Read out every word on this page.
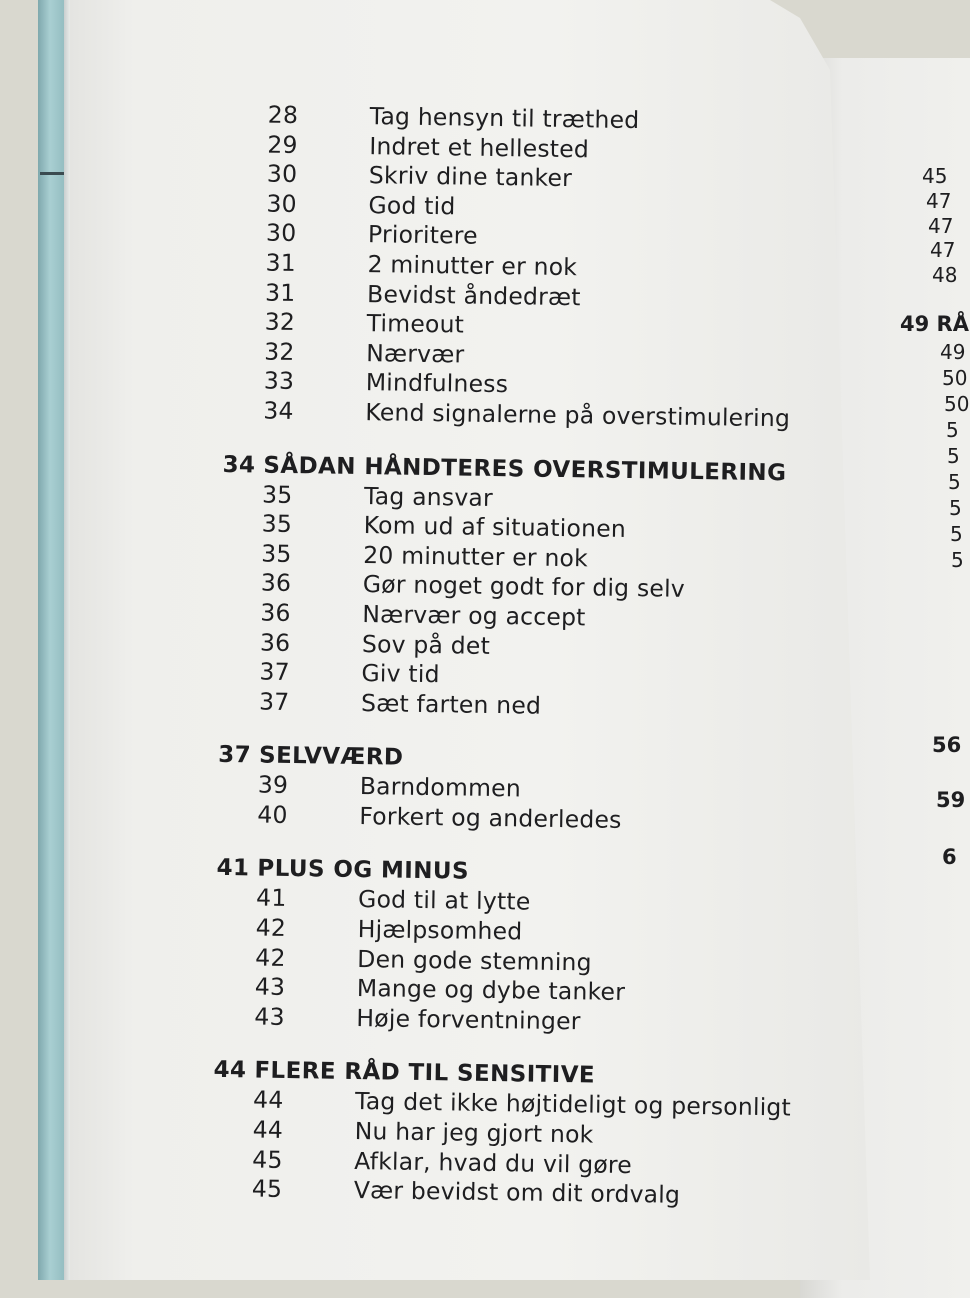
28	Tag hensyn til træthed
29	Indret et hellested
30	Skriv dine tanker
30	God tid
30	Prioritere
31	2 minutter er nok
31	Bevidst åndedræt
32	Timeout
32	Nærvær
33	Mindfulness
34	Kend signalerne på overstimulering
34 SÅDAN HÅNDTERES OVERSTIMULERING
35	Tag ansvar
35	Kom ud af situationen
35	20 minutter er nok
36	Gør noget godt for dig selv
36	Nærvær og accept
36	Sov på det
37	Giv tid
37	Sæt farten ned
37 SELVVÆRD
39	Barndommen
40	Forkert og anderledes
41 PLUS OG MINUS
41	God til at lytte
42	Hjælpsomhed
42	Den gode stemning
43	Mange og dybe tanker
43	Høje forventninger
44 FLERE RÅD TIL SENSITIVE
44	Tag det ikke højtideligt og personligt
44	Nu har jeg gjort nok
45	Afklar, hvad du vil gøre
45	Vær bevidst om dit ordvalg
45
47
47
47
48
49 RÅ
49
50
50
5
5
5
5
5
5
56
59
6
